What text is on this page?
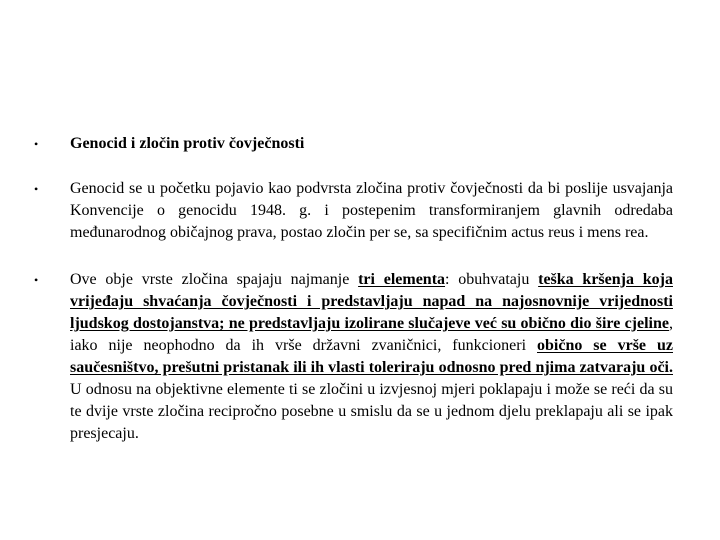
•	Genocid i zločin protiv čovječnosti
•	Genocid se u početku pojavio kao podvrsta zločina protiv čovječnosti da bi poslije usvajanja Konvencije o genocidu 1948. g. i postepenim transformiranjem glavnih odredaba međunarodnog običajnog prava, postao zločin per se, sa specifičnim actus reus i mens rea.
•	Ove obje vrste zločina spajaju najmanje tri elementa: obuhvataju teška kršenja koja vrijeđaju shvaćanja čovječnosti i predstavljaju napad na najosnovnije vrijednosti ljudskog dostojanstva; ne predstavljaju izolirane slučajeve već su obično dio šire cjeline, iako nije neophodno da ih vrše državni zvaničnici, funkcioneri obično se vrše uz saučesništvo, prešutni pristanak ili ih vlasti toleriraju odnosno pred njima zatvaraju oči. U odnosu na objektivne elemente ti se zločini u izvjesnoj mjeri poklapaju i može se reći da su te dvije vrste zločina recipročno posebne u smislu da se u jednom djelu preklapaju ali se ipak presjecaju.
